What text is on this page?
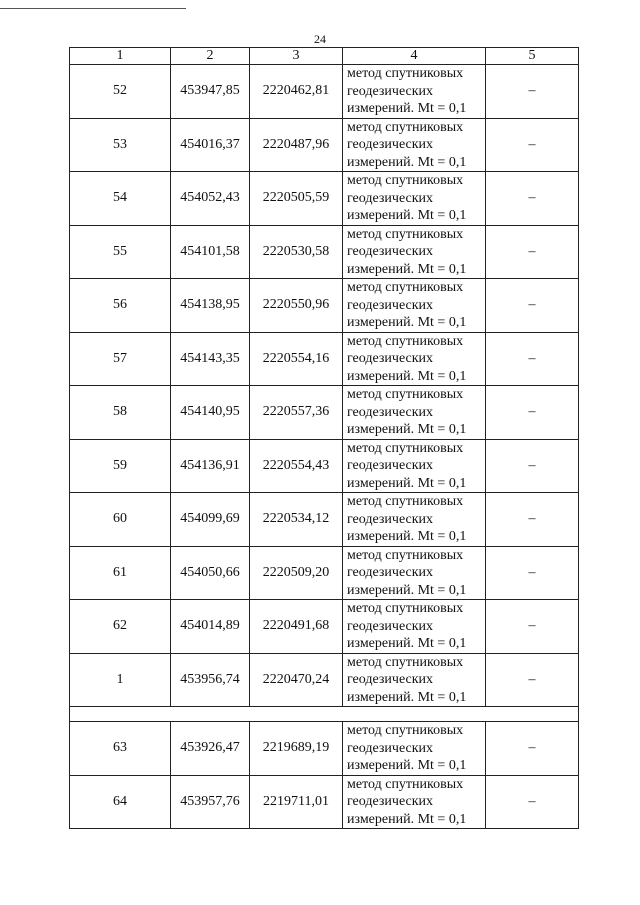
24
1	2	3	4	5
52	453947,85	2220462,81	метод спутниковых
геодезических
измерений. Mt = 0,1	–
53	454016,37	2220487,96	метод спутниковых
геодезических
измерений. Mt = 0,1	–
54	454052,43	2220505,59	метод спутниковых
геодезических
измерений. Mt = 0,1	–
55	454101,58	2220530,58	метод спутниковых
геодезических
измерений. Mt = 0,1	–
56	454138,95	2220550,96	метод спутниковых
геодезических
измерений. Mt = 0,1	–
57	454143,35	2220554,16	метод спутниковых
геодезических
измерений. Mt = 0,1	–
58	454140,95	2220557,36	метод спутниковых
геодезических
измерений. Mt = 0,1	–
59	454136,91	2220554,43	метод спутниковых
геодезических
измерений. Mt = 0,1	–
60	454099,69	2220534,12	метод спутниковых
геодезических
измерений. Mt = 0,1	–
61	454050,66	2220509,20	метод спутниковых
геодезических
измерений. Mt = 0,1	–
62	454014,89	2220491,68	метод спутниковых
геодезических
измерений. Mt = 0,1	–
1	453956,74	2220470,24	метод спутниковых
геодезических
измерений. Mt = 0,1	–

63	453926,47	2219689,19	метод спутниковых
геодезических
измерений. Mt = 0,1	–
64	453957,76	2219711,01	метод спутниковых
геодезических
измерений. Mt = 0,1	–
